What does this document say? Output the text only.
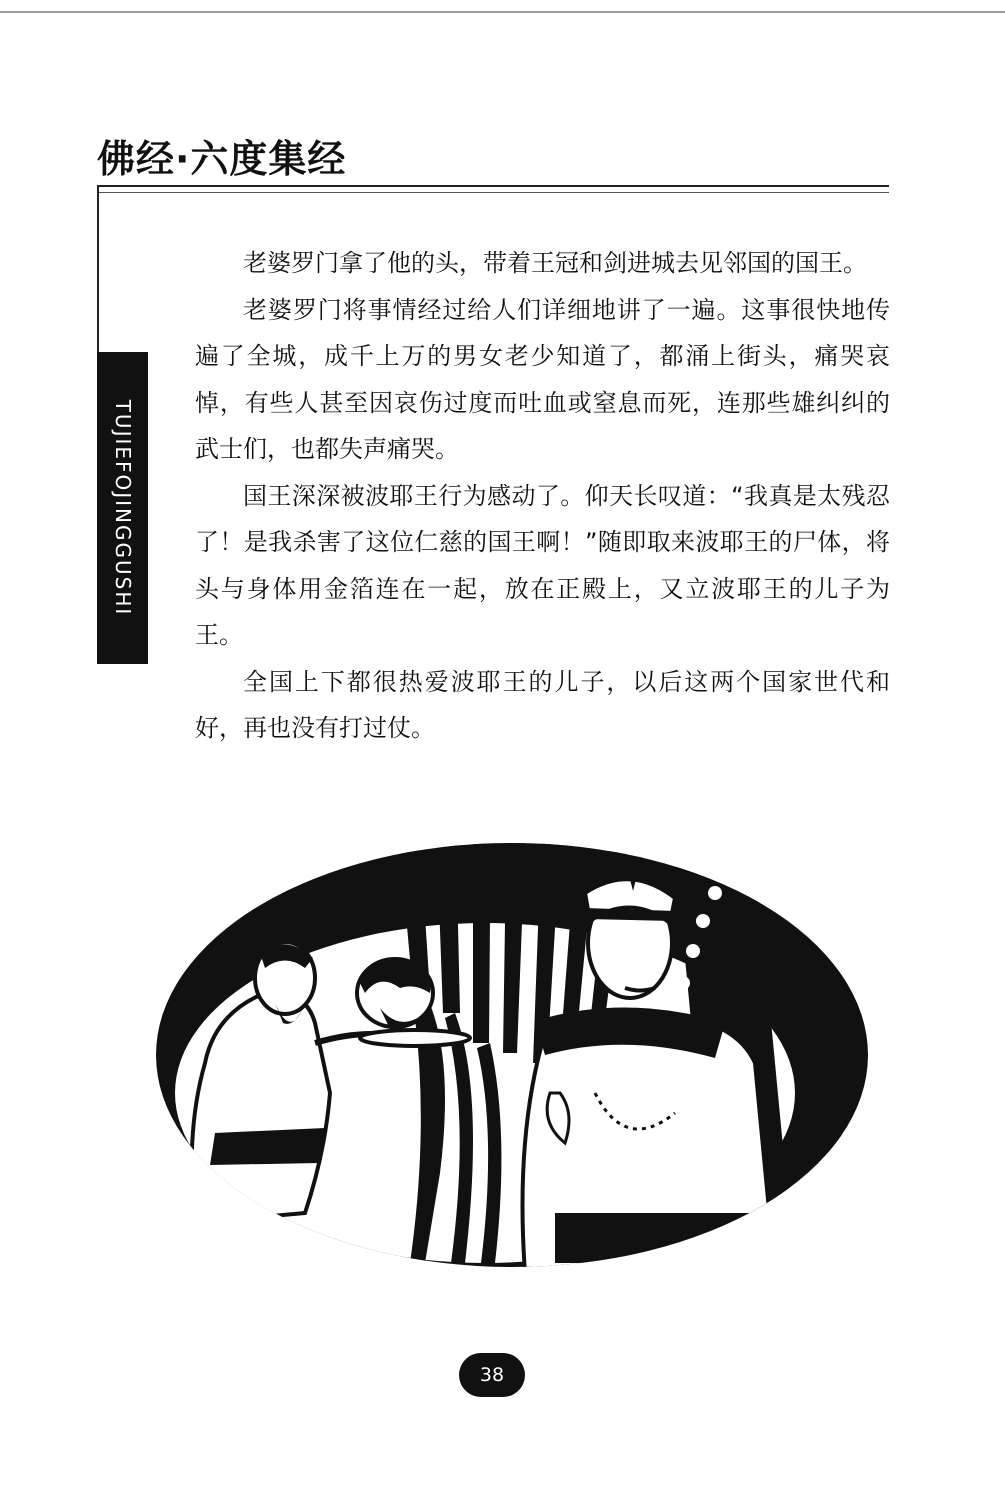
佛经·六度集经
TUJIEFOJINGGUSHI

老婆罗门拿了他的头，带着王冠和剑进城去见邻国的国王。

老婆罗门将事情经过给人们详细地讲了一遍。这事很快地传遍了全城，成千上万的男女老少知道了，都涌上街头，痛哭哀悼，有些人甚至因哀伤过度而吐血或窒息而死，连那些雄纠纠的武士们，也都失声痛哭。

国王深深被波耶王行为感动了。仰天长叹道：“我真是太残忍了！是我杀害了这位仁慈的国王啊！”随即取来波耶王的尸体，将头与身体用金箔连在一起，放在正殿上，又立波耶王的儿子为王。

全国上下都很热爱波耶王的儿子，以后这两个国家世代和好，再也没有打过仗。

38
